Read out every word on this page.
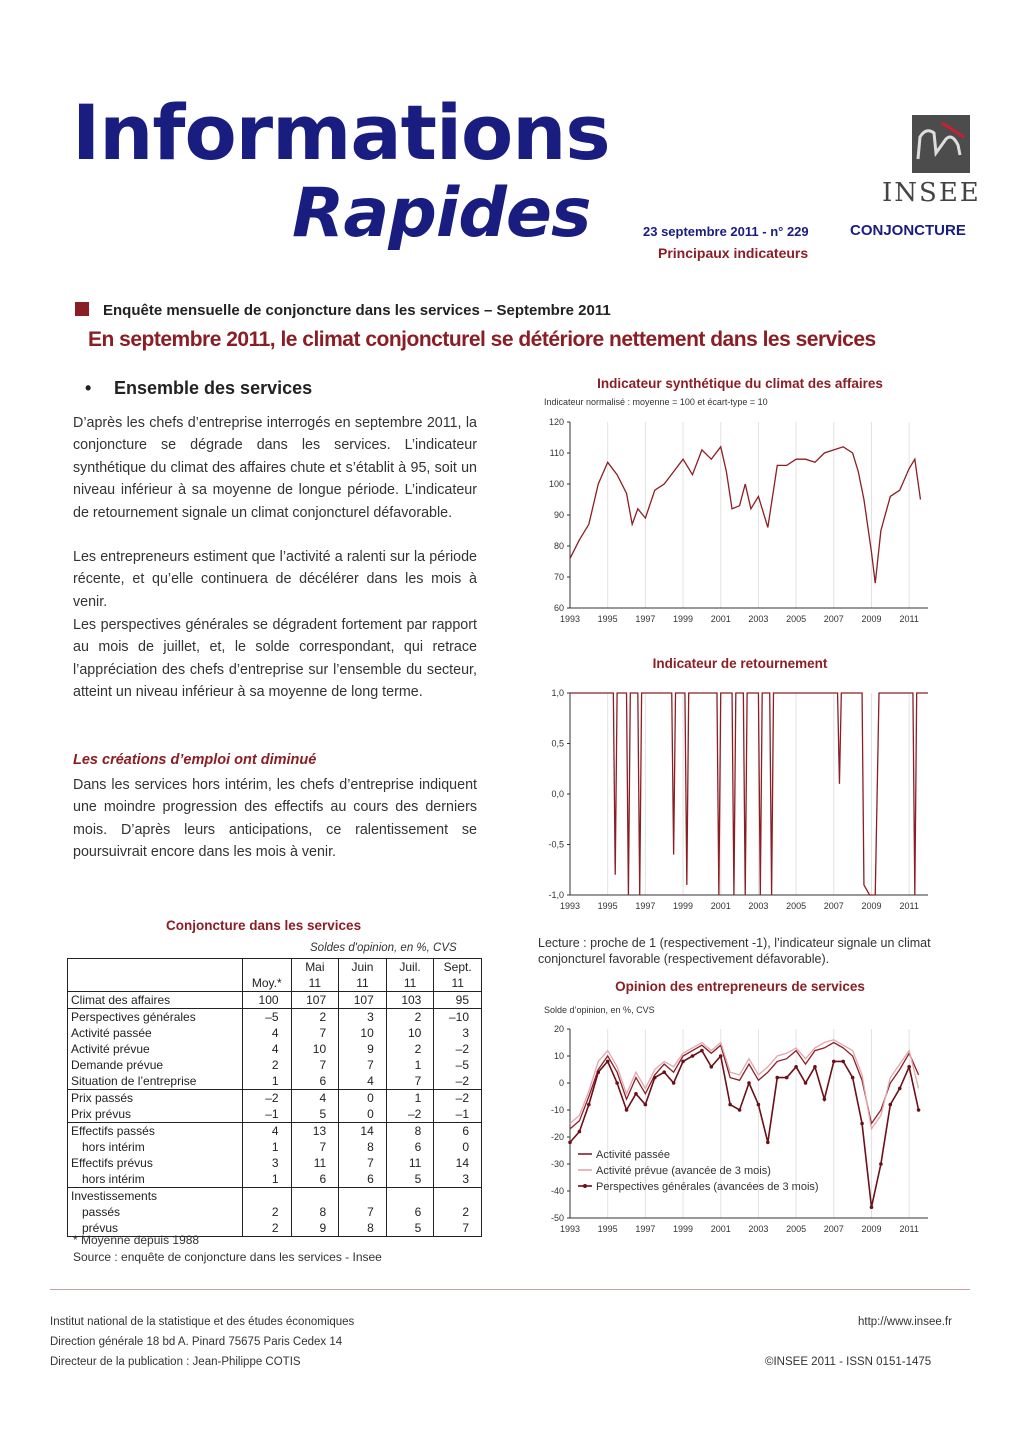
Informations
Rapides	23 septembre 2011 - n° 229
Principaux indicateurs
INSEE
CONJONCTURE
Enquête mensuelle de conjoncture dans les services – Septembre 2011
En septembre 2011, le climat conjoncturel se détériore nettement dans les services
• Ensemble des services

D’après les chefs d’entreprise interrogés en septembre 2011, la conjoncture se dégrade dans les services. L’indicateur synthétique du climat des affaires chute et s’établit à 95, soit un niveau inférieur à sa moyenne de longue période. L’indicateur de retournement signale un climat conjoncturel défavorable.

Les entrepreneurs estiment que l’activité a ralenti sur la période récente, et qu’elle continuera de décélérer dans les mois à venir.

Les perspectives générales se dégradent fortement par rapport au mois de juillet, et, le solde correspondant, qui retrace l’appréciation des chefs d’entreprise sur l’ensemble du secteur, atteint un niveau inférieur à sa moyenne de long terme.

Les créations d’emploi ont diminué

Dans les services hors intérim, les chefs d’entreprise indiquent une moindre progression des effectifs au cours des derniers mois. D’après leurs anticipations, ce ralentissement se poursuivrait encore dans les mois à venir.

Conjoncture dans les services
Soldes d'opinion, en %, CVS
		Mai	Juin	Juil.	Sept.
	Moy.*	11	11	11	11
Climat des affaires	100	107	107	103	95
Perspectives générales	–5	2	3	2	–10
Activité passée	4	7	10	10	3
Activité prévue	4	10	9	2	–2
Demande prévue	2	7	7	1	–5
Situation de l’entreprise	1	6	4	7	–2
Prix passés	–2	4	0	1	–2
Prix prévus	–1	5	0	–2	–1
Effectifs passés	4	13	14	8	6
hors intérim	1	7	8	6	0
Effectifs prévus	3	11	7	11	14
hors intérim	1	6	6	5	3
Investissements					
passés	2	8	7	6	2
prévus	2	9	8	5	7
* Moyenne depuis 1988
Source : enquête de conjoncture dans les services - Insee
Indicateur synthétique du climat des affaires
Indicateur normalisé : moyenne = 100 et écart-type = 10
1993 1995 1997 1999 2001 2003 2005 2007 2009 2011
60
70
80
90
100
110
120
Indicateur de retournement
1993 1995 1997 1999 2001 2003 2005 2007 2009 2011
1,0
0,5
0,0
-0,5
-1,0
Lecture : proche de 1 (respectivement -1), l’indicateur signale un climat conjoncturel favorable (respectivement défavorable).
Opinion des entrepreneurs de services
Solde d’opinion, en %, CVS
1993 1995 1997 1999 2001 2003 2005 2007 2009 2011
20
10
0
-10
-20
-30
-40
-50
Activité passée
Activité prévue (avancée de 3 mois)
Perspectives générales (avancées de 3 mois)
Institut national de la statistique et des études économiques
Direction générale 18 bd A. Pinard 75675 Paris Cedex 14
Directeur de la publication : Jean-Philippe COTIS
http://www.insee.fr
©INSEE 2011 - ISSN 0151-1475
